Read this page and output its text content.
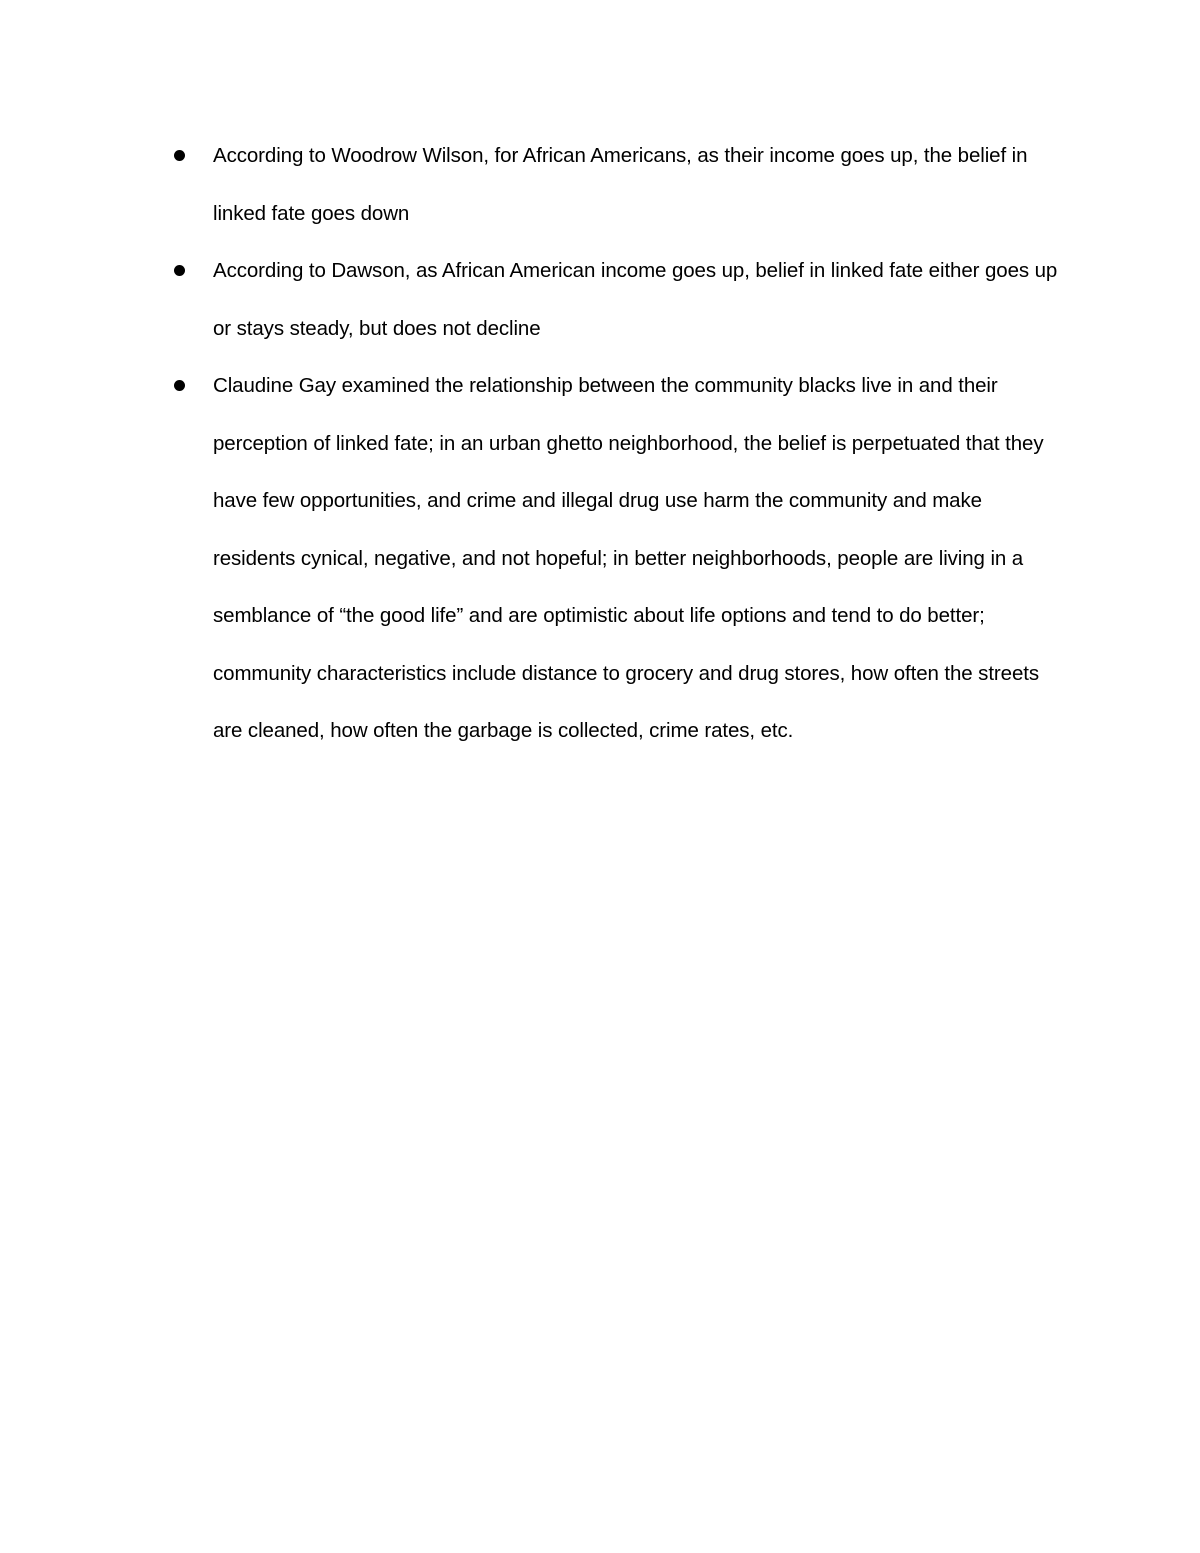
According to Woodrow Wilson, for African Americans, as their income goes up, the belief in linked fate goes down
According to Dawson, as African American income goes up, belief in linked fate either goes up or stays steady, but does not decline
Claudine Gay examined the relationship between the community blacks live in and their perception of linked fate; in an urban ghetto neighborhood, the belief is perpetuated that they have few opportunities, and crime and illegal drug use harm the community and make residents cynical, negative, and not hopeful; in better neighborhoods, people are living in a semblance of “the good life” and are optimistic about life options and tend to do better; community characteristics include distance to grocery and drug stores, how often the streets are cleaned, how often the garbage is collected, crime rates, etc.
